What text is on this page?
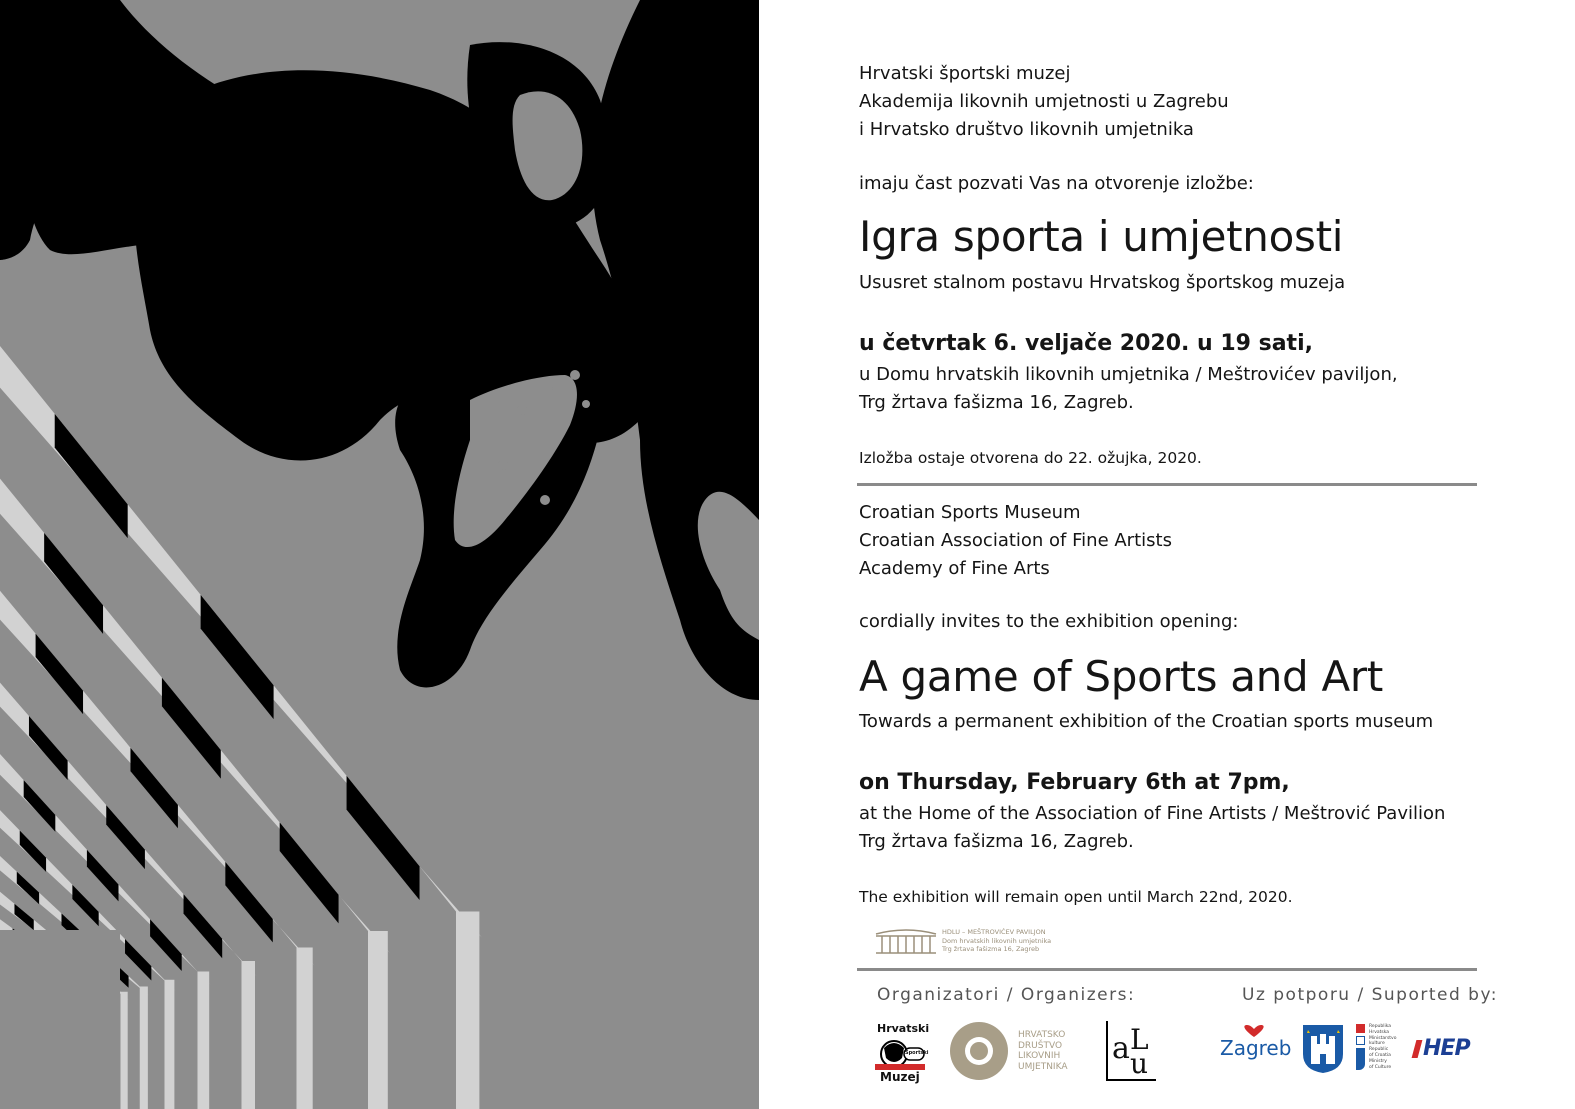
Hrvatski športski muzej

Akademija likovnih umjetnosti u Zagrebu

i Hrvatsko društvo likovnih umjetnika

imaju čast pozvati Vas na otvorenje izložbe:

Igra sporta i umjetnosti

Ususret stalnom postavu Hrvatskog športskog muzeja

u četvrtak 6. veljače 2020. u 19 sati,

u Domu hrvatskih likovnih umjetnika / Meštrovićev paviljon,

Trg žrtava fašizma 16, Zagreb.

Izložba ostaje otvorena do 22. ožujka, 2020.

Croatian Sports Museum

Croatian Association of Fine Artists

Academy of Fine Arts

cordially invites to the exhibition opening:

A game of Sports and Art

Towards a permanent exhibition of the Croatian sports museum

on Thursday, February 6th at 7pm,

at the Home of the Association of Fine Artists / Meštrović Pavilion

Trg žrtava fašizma 16, Zagreb.

The exhibition will remain open until March 22nd, 2020.

HDLU – MEŠTROVIĆEV PAVILJON
Dom hrvatskih likovnih umjetnika
Trg žrtava fašizma 16, Zagreb
Organizatori / Organizers:	Uz potporu / Suported by:
Hrvatski
Športski
Muzej
HRVATSKO
DRUŠTVO
LIKOVNIH
UMJETNIKA
a L
u	Zagreb
Republika
Hrvatska
Ministarstvo
kulture
Republic
of Croatia
Ministry
of Culture
HEP
